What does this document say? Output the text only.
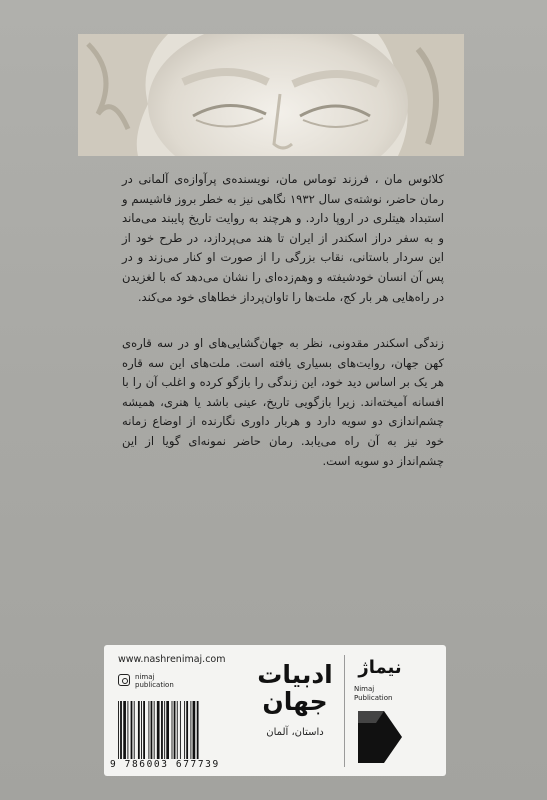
کلائوس مان ، فرزند توماس مان، نویسنده‌ی پرآوازه‌ی آلمانی در رمان حاضر، نوشته‌ی سال ۱۹۳۲ نگاهی نیز به خطر بروز فاشیسم و استبداد هیتلری در اروپا دارد. و هرچند به روایت تاریخ پایبند می‌ماند و به سفر دراز اسکندر از ایران تا هند می‌پردازد، در طرح خود از این سردار باستانی، نقاب بزرگی را از صورت او کنار می‌زند و در پس آن انسان خودشیفته و وهم‌زده‌ای را نشان می‌دهد که با لغزیدن در راه‌هایی هر بار کج، ملت‌ها را تاوان‌پرداز خطاهای خود می‌کند.

زندگی اسکندر مقدونی، نظر به جهان‌گشایی‌های او در سه قاره‌ی کهن جهان، روایت‌های بسیاری یافته است. ملت‌های این سه قاره هر یک بر اساس دید خود، این زندگی را بازگو کرده و اغلب آن را با افسانه آمیخته‌اند. زیرا بازگویی تاریخ، عینی باشد یا هنری، همیشه چشم‌اندازی دو سویه دارد و هربار داوری نگارنده از اوضاع زمانه خود نیز به آن راه می‌یابد. رمان حاضر نمونه‌ای گویا از این چشم‌انداز دو سویه است.

www.nashrenimaj.com
nimaj
publication
9 786003 677739
ادبیات جهان
داستان، آلمان
نیماژ
Nimaj
Publication
